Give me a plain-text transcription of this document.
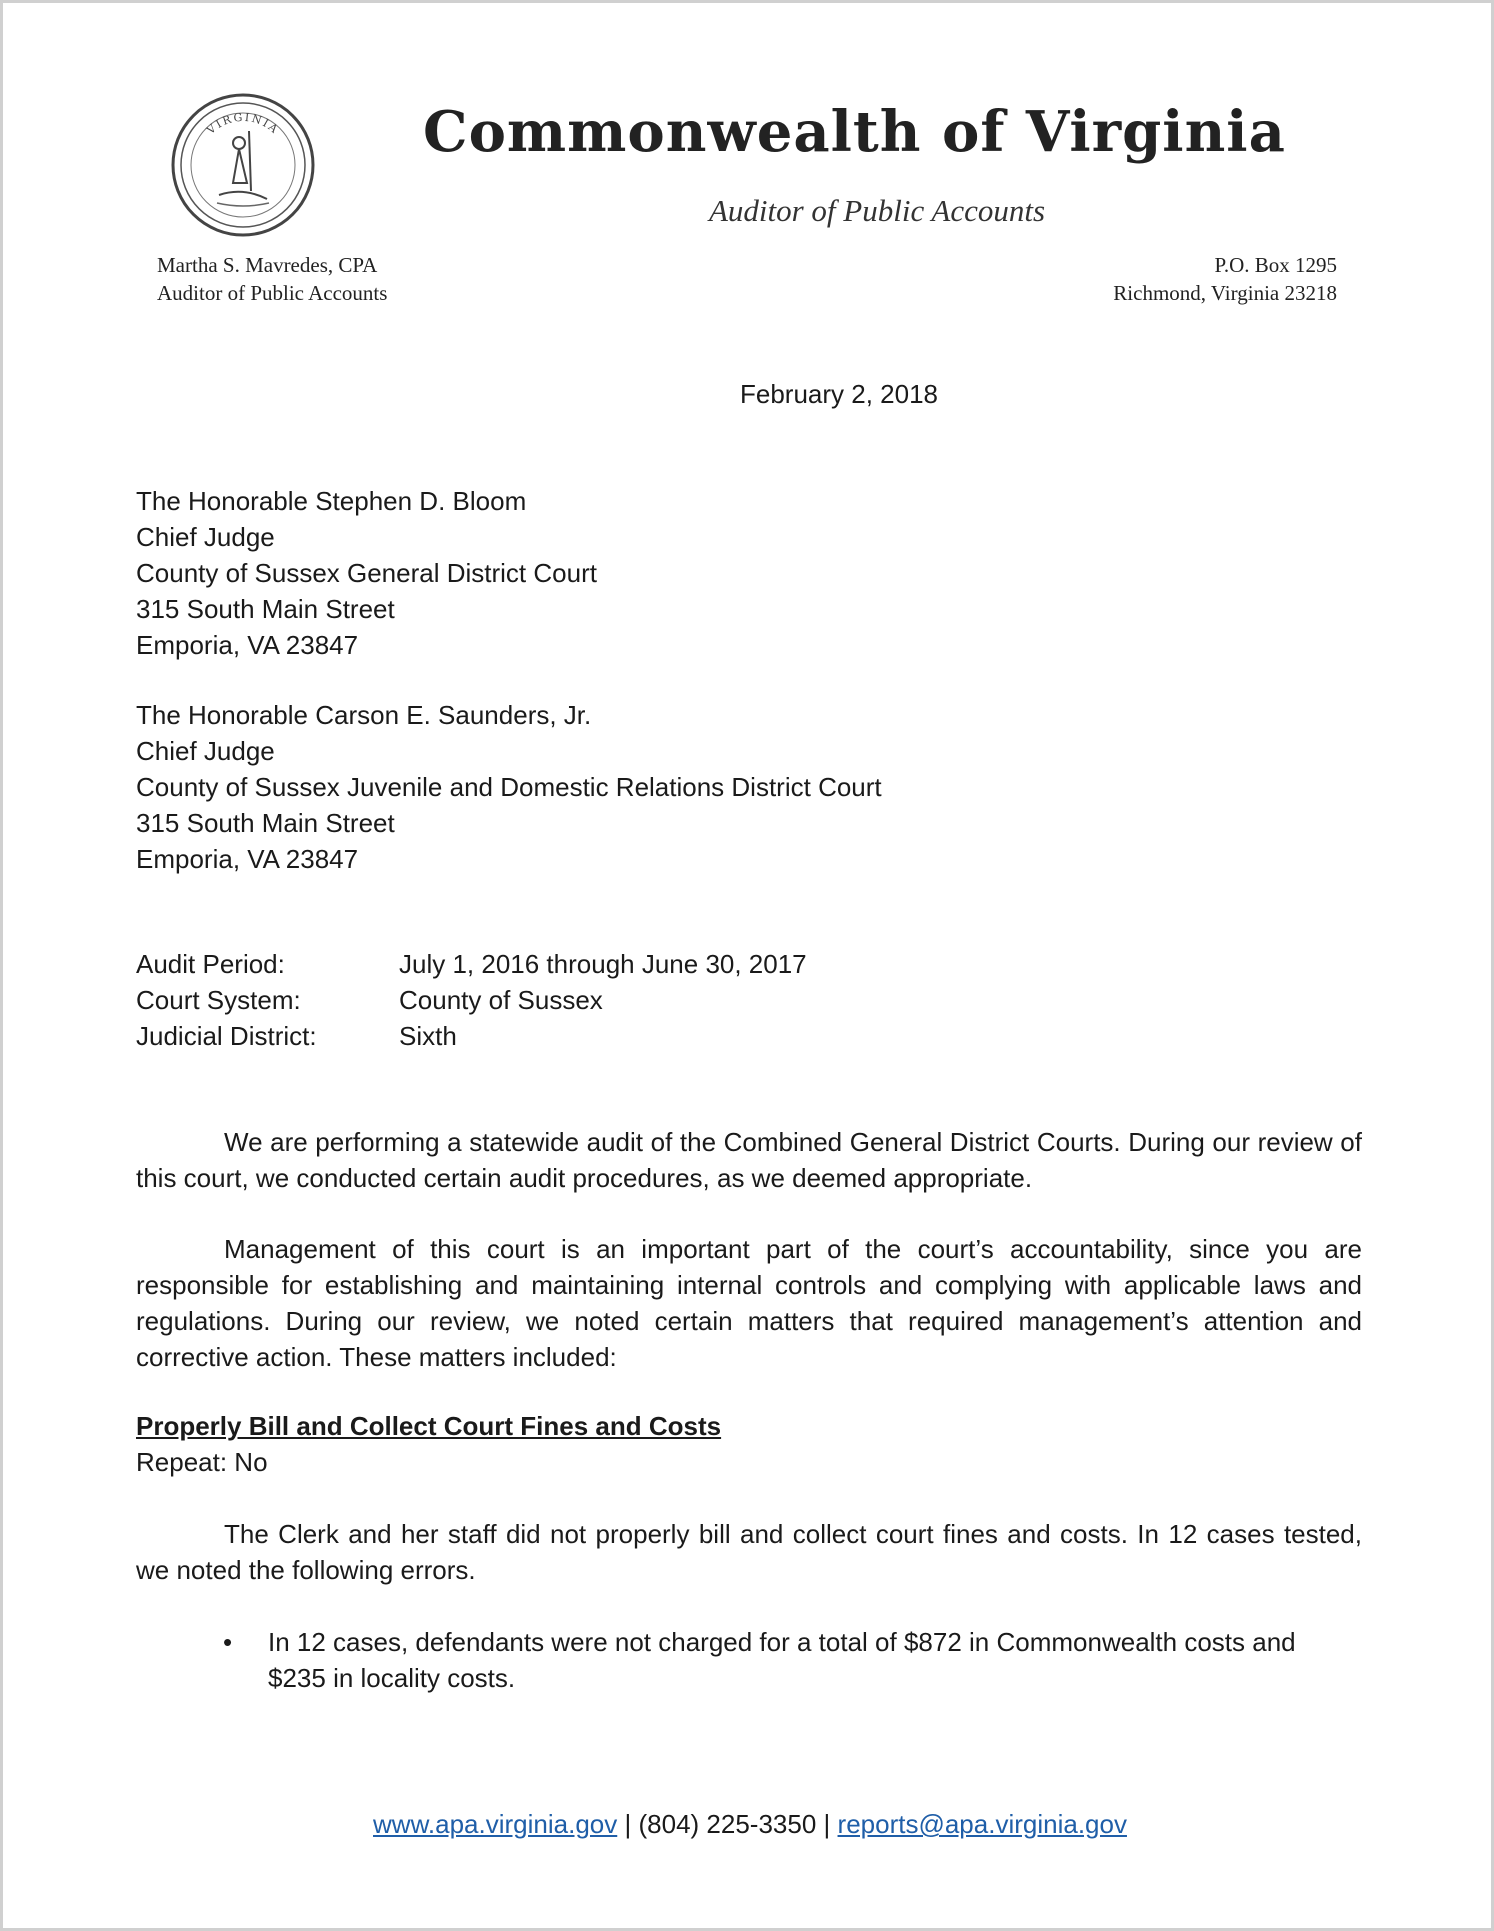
VIRGINIA	Commonwealth of Virginia
Auditor of Public Accounts
Martha S. Mavredes, CPA
Auditor of Public Accounts
P.O. Box 1295
Richmond, Virginia 23218
February 2, 2018
The Honorable Stephen D. Bloom
Chief Judge
County of Sussex General District Court
315 South Main Street
Emporia, VA 23847
The Honorable Carson E. Saunders, Jr.
Chief Judge
County of Sussex Juvenile and Domestic Relations District Court
315 South Main Street
Emporia, VA 23847
Audit Period:	July 1, 2016 through June 30, 2017
Court System:	County of Sussex
Judicial District:	Sixth
We are performing a statewide audit of the Combined General District Courts. During our review of this court, we conducted certain audit procedures, as we deemed appropriate.
Management of this court is an important part of the court’s accountability, since you are responsible for establishing and maintaining internal controls and complying with applicable laws and regulations. During our review, we noted certain matters that required management’s attention and corrective action. These matters included:
Properly Bill and Collect Court Fines and Costs
Repeat: No
The Clerk and her staff did not properly bill and collect court fines and costs. In 12 cases tested, we noted the following errors.
•	In 12 cases, defendants were not charged for a total of $872 in Commonwealth costs and $235 in locality costs.
www.apa.virginia.gov | (804) 225-3350 | reports@apa.virginia.gov
